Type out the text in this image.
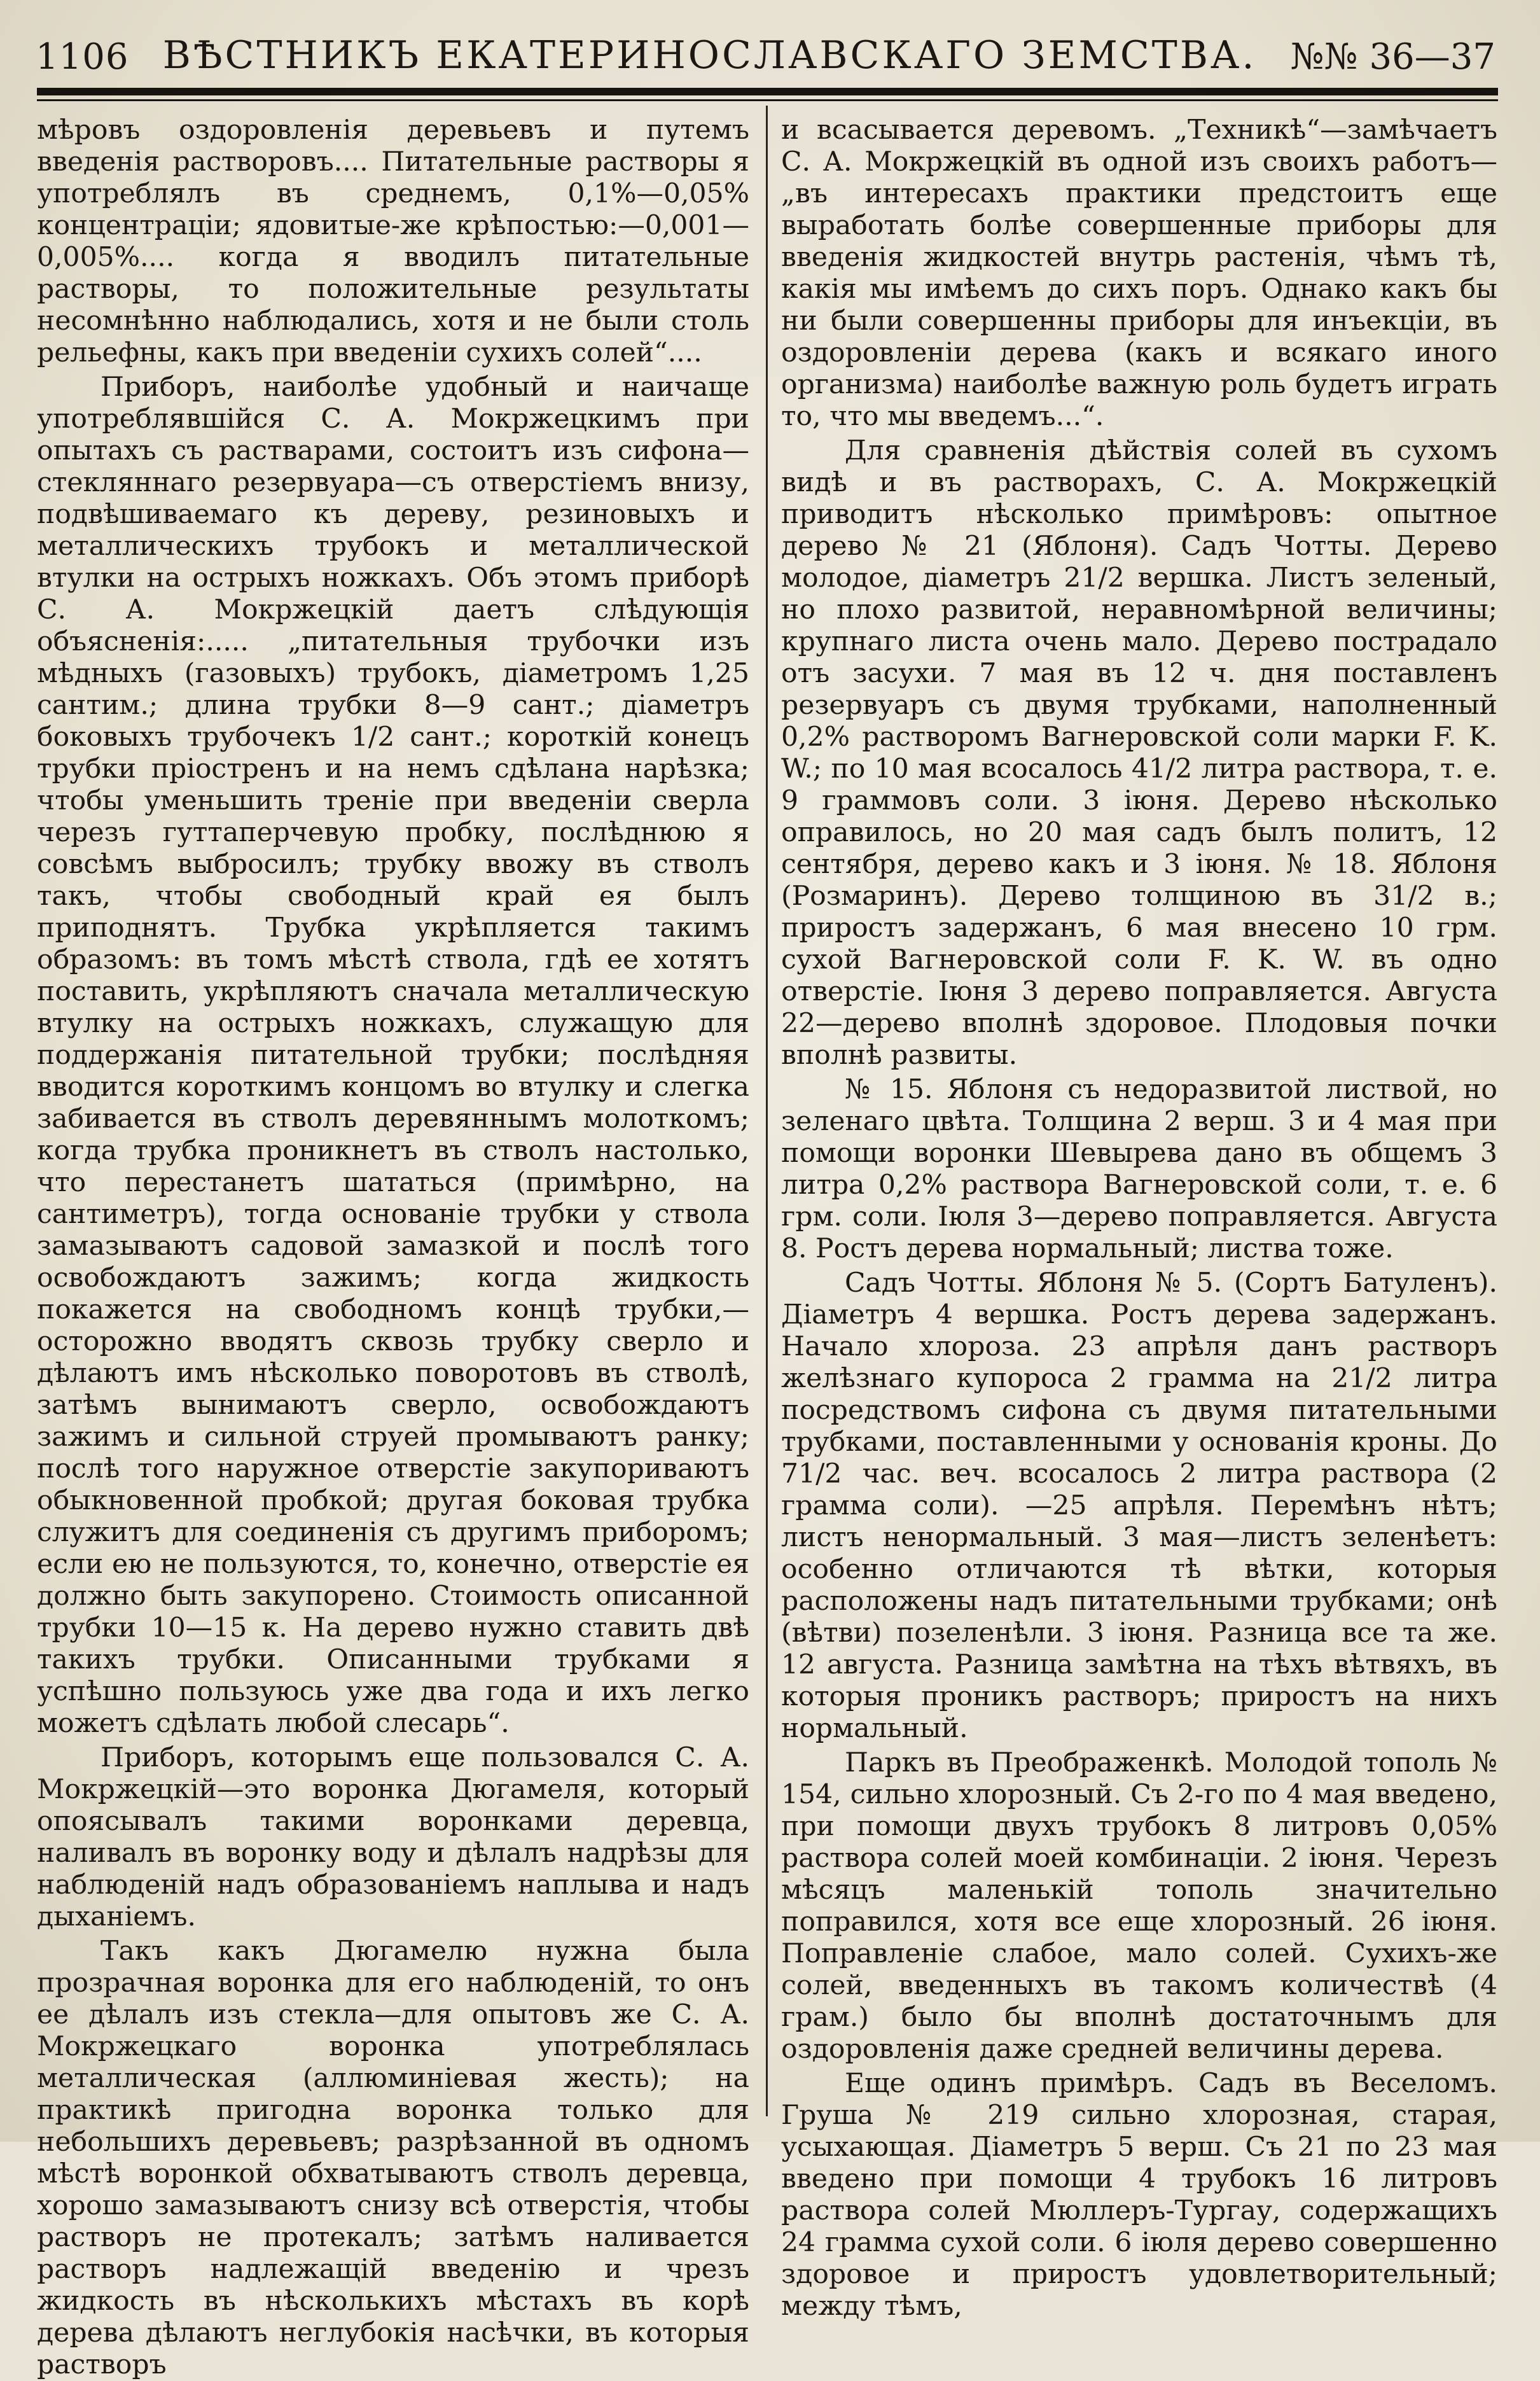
1106 ВѢСТНИКЪ ЕКАТЕРИНОСЛАВСКАГО ЗЕМСТВА. №№ 36—37

мѣровъ оздоровленія деревьевъ и путемъ введенія растворовъ.... Питательные растворы я употреблялъ въ среднемъ, 0,1%—0,05% концентрацiи; ядовитые-же крѣпостью:—0,001—0,005%.... когда я вводилъ питательные растворы, то положительные результаты несомнѣнно наблюдались, хотя и не были столь рельефны, какъ при введеніи сухихъ солей“....

Приборъ, наиболѣе удобный и наичаще употреблявшiйся С. А. Мокржецкимъ при опытахъ съ растварами, состоитъ изъ сифона—стекляннаго резервуара—съ отверстiемъ внизу, подвѣшиваемаго къ дереву, резиновыхъ и металлическихъ трубокъ и металлической втулки на острыхъ ножкахъ. Объ этомъ приборѣ С. А. Мокржецкiй даетъ слѣдующія объясненія:..... „питательныя трубочки изъ мѣдныхъ (газовыхъ) трубокъ, діаметромъ 1,25 сантим.; длина трубки 8—9 сант.; діаметръ боковыхъ трубочекъ 1/2 сант.; короткій конецъ трубки пріостренъ и на немъ сдѣлана нарѣзка; чтобы уменьшить треніе при введеніи сверла черезъ гуттаперчевую пробку, послѣднюю я совсѣмъ выбросилъ; трубку ввожу въ стволъ такъ, чтобы свободный край ея былъ приподнятъ. Трубка укрѣпляется такимъ образомъ: въ томъ мѣстѣ ствола, гдѣ ее хотятъ поставить, укрѣпляютъ сначала металлическую втулку на острыхъ ножкахъ, служащую для поддержанія питательной трубки; послѣдняя вводится короткимъ концомъ во втулку и слегка забивается въ стволъ деревяннымъ молоткомъ; когда трубка проникнетъ въ стволъ настолько, что перестанетъ шататься (примѣрно, на сантиметръ), тогда основаніе трубки у ствола замазываютъ садовой замазкой и послѣ того освобождаютъ зажимъ; когда жидкость покажется на свободномъ концѣ трубки,—осторожно вводятъ сквозь трубку сверло и дѣлаютъ имъ нѣсколько поворотовъ въ стволѣ, затѣмъ вынимаютъ сверло, освобождаютъ зажимъ и сильной струей промываютъ ранку; послѣ того наружное отверстіе закупориваютъ обыкновенной пробкой; другая боковая трубка служитъ для соединенія съ другимъ приборомъ; если ею не пользуются, то, конечно, отверстіе ея должно быть закупорено. Стоимость описанной трубки 10—15 к. На дерево нужно ставить двѣ такихъ трубки. Описанными трубками я успѣшно пользуюсь уже два года и ихъ легко можетъ сдѣлать любой слесарь“.

Приборъ, которымъ еще пользовался С. А. Мокржецкій—это воронка Дюгамеля, который опоясывалъ такими воронками деревца, наливалъ въ воронку воду и дѣлалъ надрѣзы для наблюденій надъ образованіемъ наплыва и надъ дыханіемъ.

Такъ какъ Дюгамелю нужна была прозрачная воронка для его наблюденій, то онъ ее дѣлалъ изъ стекла—для опытовъ же С. А. Мокржецкаго воронка употреблялась металлическая (аллюминіевая жесть); на практикѣ пригодна воронка только для небольшихъ деревьевъ; разрѣзанной въ одномъ мѣстѣ воронкой обхватываютъ стволъ деревца, хорошо замазываютъ снизу всѣ отверстія, чтобы растворъ не протекалъ; затѣмъ наливается растворъ надлежащій введенію и чрезъ жидкость въ нѣсколькихъ мѣстахъ въ корѣ дерева дѣлаютъ неглубокія насѣчки, въ которыя растворъ

и всасывается деревомъ. „Техникѣ“—замѣчаетъ С. А. Мокржецкій въ одной изъ своихъ работъ—„въ интересахъ практики предстоитъ еще выработать болѣе совершенные приборы для введенія жидкостей внутрь растенія, чѣмъ тѣ, какія мы имѣемъ до сихъ поръ. Однако какъ бы ни были совершенны приборы для инъекціи, въ оздоровленіи дерева (какъ и всякаго иного организма) наиболѣе важную роль будетъ играть то, что мы введемъ...“.

Для сравненія дѣйствія солей въ сухомъ видѣ и въ растворахъ, С. А. Мокржецкій приводитъ нѣсколько примѣровъ: опытное дерево № 21 (Яблоня). Садъ Чотты. Дерево молодое, діаметръ 21/2 вершка. Листъ зеленый, но плохо развитой, неравномѣрной величины; крупнаго листа очень мало. Дерево пострадало отъ засухи. 7 мая въ 12 ч. дня поставленъ резервуаръ съ двумя трубками, наполненный 0,2% растворомъ Вагнеровской соли марки F. K. W.; по 10 мая всосалось 41/2 литра раствора, т. е. 9 граммовъ соли. 3 іюня. Дерево нѣсколько оправилось, но 20 мая садъ былъ политъ, 12 сентября, дерево какъ и 3 іюня. № 18. Яблоня (Розмаринъ). Дерево толщиною въ 31/2 в.; приростъ задержанъ, 6 мая внесено 10 грм. сухой Вагнеровской соли F. K. W. въ одно отверстіе. Іюня 3 дерево поправляется. Августа 22—дерево вполнѣ здоровое. Плодовыя почки вполнѣ развиты.

№ 15. Яблоня съ недоразвитой листвой, но зеленаго цвѣта. Толщина 2 верш. 3 и 4 мая при помощи воронки Шевырева дано въ общемъ 3 литра 0,2% раствора Вагнеровской соли, т. е. 6 грм. соли. Іюля 3—дерево поправляется. Августа 8. Ростъ дерева нормальный; листва тоже.

Садъ Чотты. Яблоня № 5. (Сортъ Батуленъ). Діаметръ 4 вершка. Ростъ дерева задержанъ. Начало хлороза. 23 апрѣля данъ растворъ желѣзнаго купороса 2 грамма на 21/2 литра посредствомъ сифона съ двумя питательными трубками, поставленными у основанія кроны. До 71/2 час. веч. всосалось 2 литра раствора (2 грамма соли). —25 апрѣля. Перемѣнъ нѣтъ; листъ ненормальный. 3 мая—листъ зеленѣетъ: особенно отличаются тѣ вѣтки, которыя расположены надъ питательными трубками; онѣ (вѣтви) позеленѣли. 3 іюня. Разница все та же. 12 августа. Разница замѣтна на тѣхъ вѣтвяхъ, въ которыя проникъ растворъ; приростъ на нихъ нормальный.

Паркъ въ Преображенкѣ. Молодой тополь № 154, сильно хлорозный. Съ 2-го по 4 мая введено, при помощи двухъ трубокъ 8 литровъ 0,05% раствора солей моей комбинаціи. 2 іюня. Черезъ мѣсяцъ маленькій тополь значительно поправился, хотя все еще хлорозный. 26 іюня. Поправленіе слабое, мало солей. Сухихъ-же солей, введенныхъ въ такомъ количествѣ (4 грам.) было бы вполнѣ достаточнымъ для оздоровленія даже средней величины дерева.

Еще одинъ примѣръ. Садъ въ Веселомъ. Груша № 219 сильно хлорозная, старая, усыхающая. Діаметръ 5 верш. Съ 21 по 23 мая введено при помощи 4 трубокъ 16 литровъ раствора солей Мюллеръ-Тургау, содержащихъ 24 грамма сухой соли. 6 іюля дерево совершенно здоровое и приростъ удовлетворительный; между тѣмъ,
